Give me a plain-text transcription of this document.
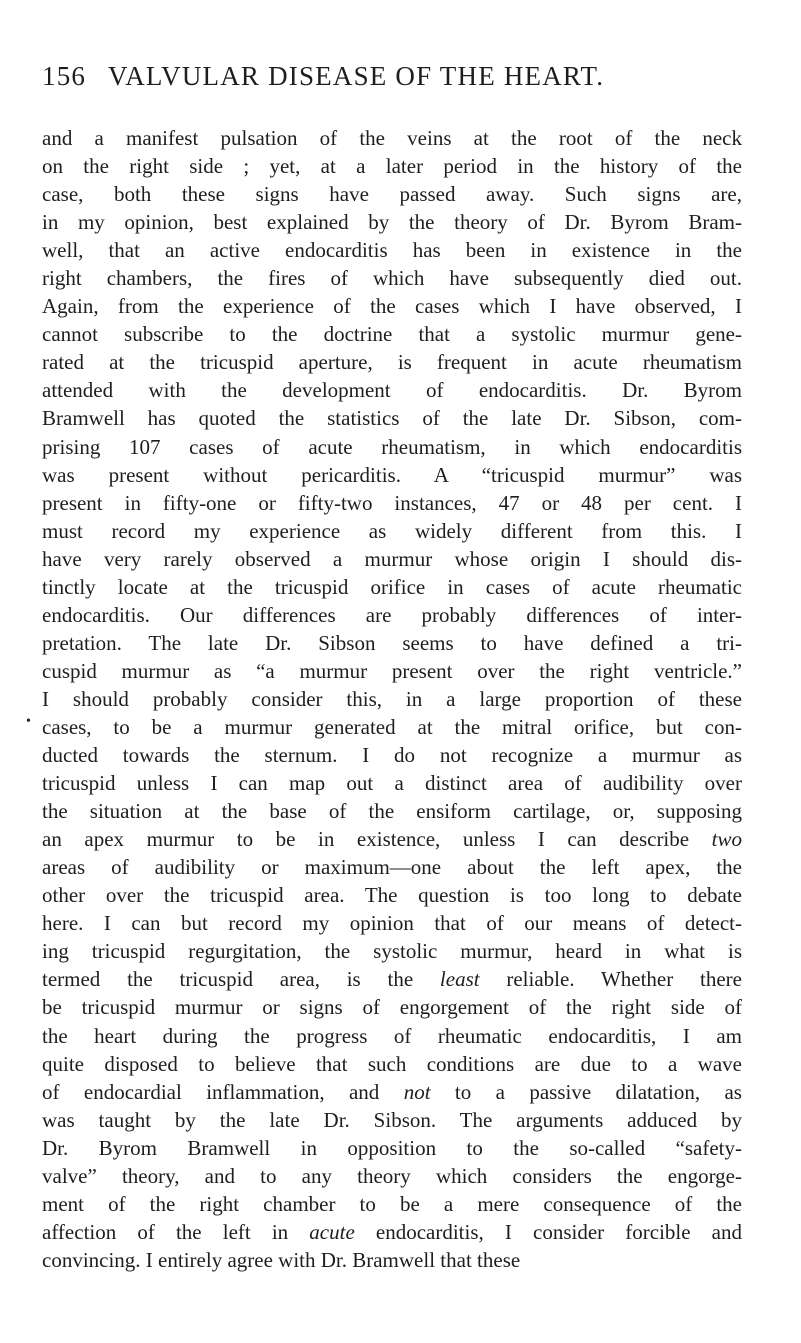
156 VALVULAR DISEASE OF THE HEART.
•
and a manifest pulsation of the veins at the root of the neck
on the right side ; yet, at a later period in the history of the
case, both these signs have passed away. Such signs are,
in my opinion, best explained by the theory of Dr. Byrom Bram-
well, that an active endocarditis has been in existence in the
right chambers, the fires of which have subsequently died out.
Again, from the experience of the cases which I have observed, I
cannot subscribe to the doctrine that a systolic murmur gene-
rated at the tricuspid aperture, is frequent in acute rheumatism
attended with the development of endocarditis. Dr. Byrom
Bramwell has quoted the statistics of the late Dr. Sibson, com-
prising 107 cases of acute rheumatism, in which endocarditis
was present without pericarditis. A “tricuspid murmur” was
present in fifty-one or fifty-two instances, 47 or 48 per cent. I
must record my experience as widely different from this. I
have very rarely observed a murmur whose origin I should dis-
tinctly locate at the tricuspid orifice in cases of acute rheumatic
endocarditis. Our differences are probably differences of inter-
pretation. The late Dr. Sibson seems to have defined a tri-
cuspid murmur as “a murmur present over the right ventricle.”
I should probably consider this, in a large proportion of these
cases, to be a murmur generated at the mitral orifice, but con-
ducted towards the sternum. I do not recognize a murmur as
tricuspid unless I can map out a distinct area of audibility over
the situation at the base of the ensiform cartilage, or, supposing
an apex murmur to be in existence, unless I can describe two
areas of audibility or maximum—one about the left apex, the
other over the tricuspid area. The question is too long to debate
here. I can but record my opinion that of our means of detect-
ing tricuspid regurgitation, the systolic murmur, heard in what is
termed the tricuspid area, is the least reliable. Whether there
be tricuspid murmur or signs of engorgement of the right side of
the heart during the progress of rheumatic endocarditis, I am
quite disposed to believe that such conditions are due to a wave
of endocardial inflammation, and not to a passive dilatation, as
was taught by the late Dr. Sibson. The arguments adduced by
Dr. Byrom Bramwell in opposition to the so-called “safety-
valve” theory, and to any theory which considers the engorge-
ment of the right chamber to be a mere consequence of the
affection of the left in acute endocarditis, I consider forcible and
convincing. I entirely agree with Dr. Bramwell that these
